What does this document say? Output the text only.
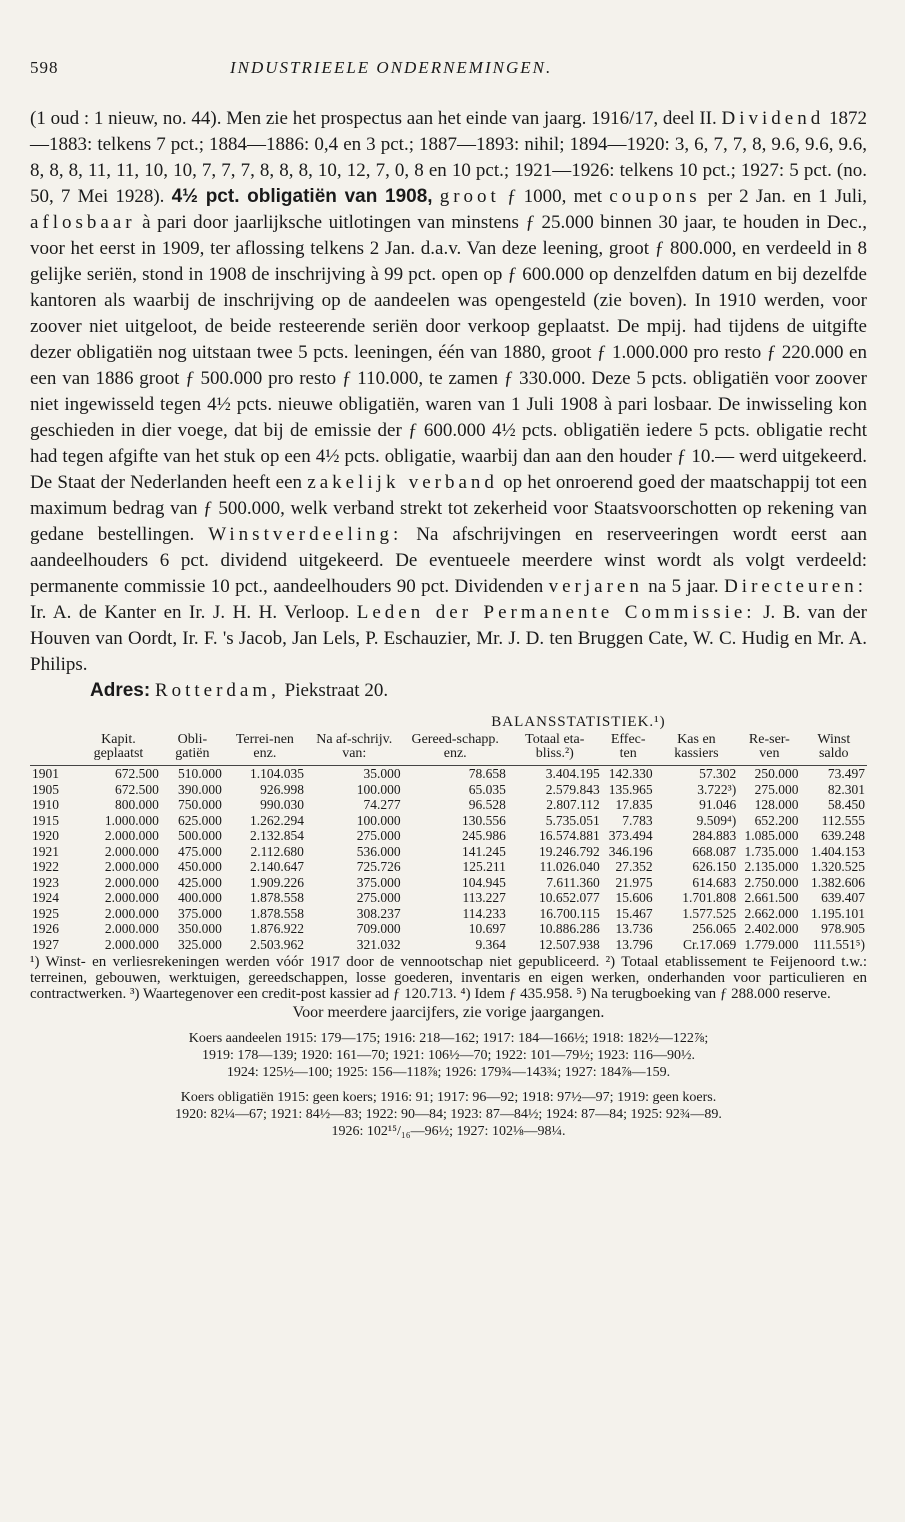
598	INDUSTRIEELE ONDERNEMINGEN.

(1 oud : 1 nieuw, no. 44). Men zie het prospectus aan het einde van jaarg. 1916/17, deel II. Dividend 1872—1883: telkens 7 pct.; 1884—1886: 0,4 en 3 pct.; 1887—1893: nihil; 1894—1920: 3, 6, 7, 7, 8, 9.6, 9.6, 9.6, 8, 8, 8, 11, 11, 10, 10, 7, 7, 7, 8, 8, 8, 10, 12, 7, 0, 8 en 10 pct.; 1921—1926: telkens 10 pct.; 1927: 5 pct. (no. 50, 7 Mei 1928). 4½ pct. obligatiën van 1908, groot ƒ 1000, met coupons per 2 Jan. en 1 Juli, aflosbaar à pari door jaarlijksche uitlotingen van minstens ƒ 25.000 binnen 30 jaar, te houden in Dec., voor het eerst in 1909, ter aflossing telkens 2 Jan. d.a.v. Van deze leening, groot ƒ 800.000, en verdeeld in 8 gelijke seriën, stond in 1908 de inschrijving à 99 pct. open op ƒ 600.000 op denzelfden datum en bij dezelfde kantoren als waarbij de inschrijving op de aandeelen was opengesteld (zie boven). In 1910 werden, voor zoover niet uitgeloot, de beide resteerende seriën door verkoop geplaatst. De mpij. had tijdens de uitgifte dezer obligatiën nog uitstaan twee 5 pcts. leeningen, één van 1880, groot ƒ 1.000.000 pro resto ƒ 220.000 en een van 1886 groot ƒ 500.000 pro resto ƒ 110.000, te zamen ƒ 330.000. Deze 5 pcts. obligatiën voor zoover niet ingewisseld tegen 4½ pcts. nieuwe obligatiën, waren van 1 Juli 1908 à pari losbaar. De inwisseling kon geschieden in dier voege, dat bij de emissie der ƒ 600.000 4½ pcts. obligatiën iedere 5 pcts. obligatie recht had tegen afgifte van het stuk op een 4½ pcts. obligatie, waarbij dan aan den houder ƒ 10.— werd uitgekeerd. De Staat der Nederlanden heeft een zakelijk verband op het onroerend goed der maatschappij tot een maximum bedrag van ƒ 500.000, welk verband strekt tot zekerheid voor Staatsvoorschotten op rekening van gedane bestellingen. Winstverdeeling: Na afschrijvingen en reserveeringen wordt eerst aan aandeelhouders 6 pct. dividend uitgekeerd. De eventueele meerdere winst wordt als volgt verdeeld: permanente commissie 10 pct., aandeelhouders 90 pct. Dividenden verjaren na 5 jaar. Directeuren: Ir. A. de Kanter en Ir. J. H. H. Verloop. Leden der Permanente Commissie: J. B. van der Houven van Oordt, Ir. F. 's Jacob, Jan Lels, P. Eschauzier, Mr. J. D. ten Bruggen Cate, W. C. Hudig en Mr. A. Philips.

Adres: Rotterdam, Piekstraat 20.

BALANSSTATISTIEK.¹)
	Kapit. geplaatst	Obli-gatiën	Terrei-nen enz.	Na af-schrijv. van:	Gereed-schapp. enz.	Totaal eta-bliss.²)	Effec-ten	Kas en kassiers	Re-ser-ven	Winst saldo
1901	672.500	510.000	1.104.035	35.000	78.658	3.404.195	142.330	57.302	250.000	73.497
1905	672.500	390.000	926.998	100.000	65.035	2.579.843	135.965	3.722³)	275.000	82.301
1910	800.000	750.000	990.030	74.277	96.528	2.807.112	17.835	91.046	128.000	58.450
1915	1.000.000	625.000	1.262.294	100.000	130.556	5.735.051	7.783	9.509⁴)	652.200	112.555
1920	2.000.000	500.000	2.132.854	275.000	245.986	16.574.881	373.494	284.883	1.085.000	639.248
1921	2.000.000	475.000	2.112.680	536.000	141.245	19.246.792	346.196	668.087	1.735.000	1.404.153
1922	2.000.000	450.000	2.140.647	725.726	125.211	11.026.040	27.352	626.150	2.135.000	1.320.525
1923	2.000.000	425.000	1.909.226	375.000	104.945	7.611.360	21.975	614.683	2.750.000	1.382.606
1924	2.000.000	400.000	1.878.558	275.000	113.227	10.652.077	15.606	1.701.808	2.661.500	639.407
1925	2.000.000	375.000	1.878.558	308.237	114.233	16.700.115	15.467	1.577.525	2.662.000	1.195.101
1926	2.000.000	350.000	1.876.922	709.000	10.697	10.886.286	13.736	256.065	2.402.000	978.905
1927	2.000.000	325.000	2.503.962	321.032	9.364	12.507.938	13.796	Cr.17.069	1.779.000	111.551⁵)

¹) Winst- en verliesrekeningen werden vóór 1917 door de vennootschap niet gepubliceerd. ²) Totaal etablissement te Feijenoord t.w.: terreinen, gebouwen, werktuigen, gereedschappen, losse goederen, inventaris en eigen werken, onderhanden voor particulieren en contractwerken. ³) Waartegenover een credit-post kassier ad ƒ 120.713. ⁴) Idem ƒ 435.958. ⁵) Na terugboeking van ƒ 288.000 reserve.

Voor meerdere jaarcijfers, zie vorige jaargangen.

Koers aandeelen 1915: 179—175; 1916: 218—162; 1917: 184—166½; 1918: 182½—122⅞;

1919: 178—139; 1920: 161—70; 1921: 106½—70; 1922: 101—79½; 1923: 116—90½.

1924: 125½—100; 1925: 156—118⅞; 1926: 179¾—143¾; 1927: 184⅞—159.

Koers obligatiën 1915: geen koers; 1916: 91; 1917: 96—92; 1918: 97½—97; 1919: geen koers.

1920: 82¼—67; 1921: 84½—83; 1922: 90—84; 1923: 87—84½; 1924: 87—84; 1925: 92¾—89.

1926: 102¹⁵/₁₆—96½; 1927: 102⅛—98¼.
